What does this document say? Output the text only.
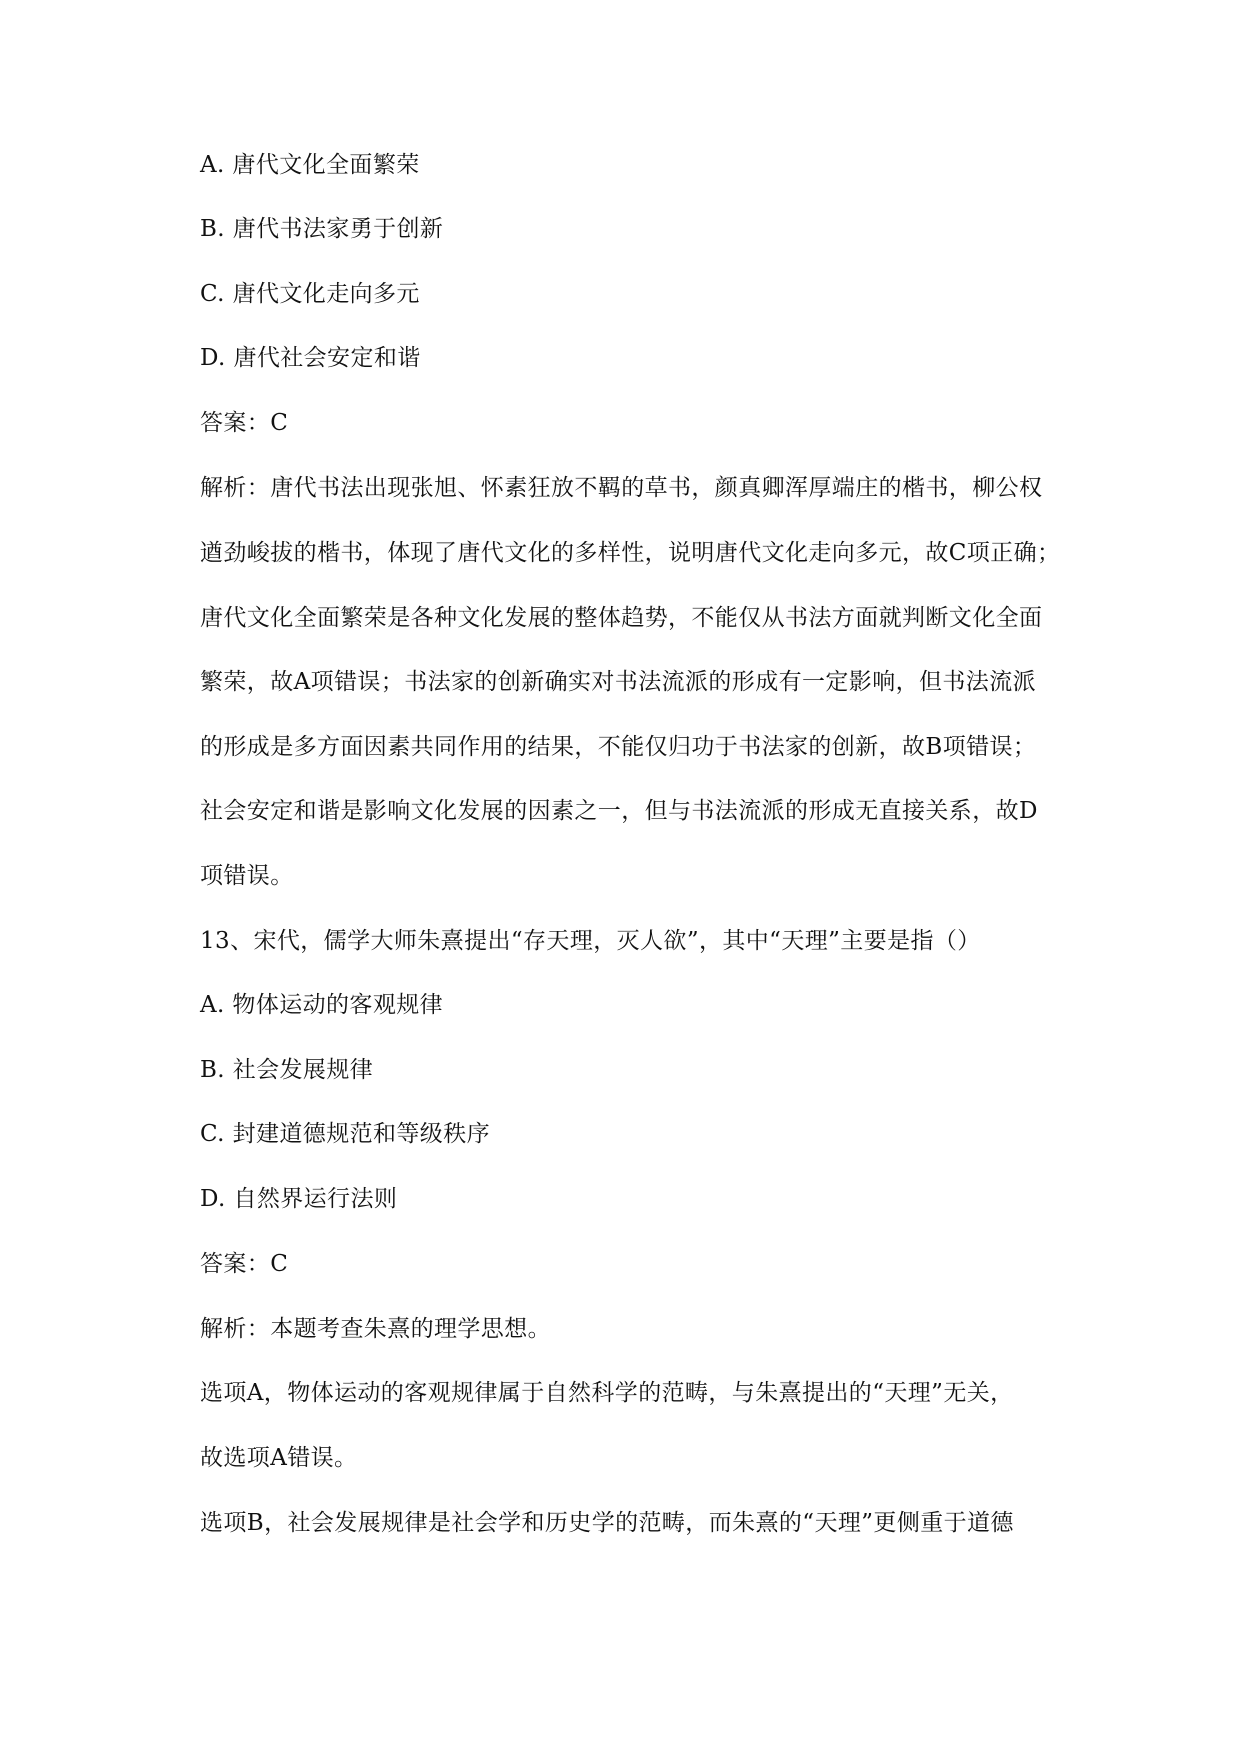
A. 唐代文化全面繁荣
B. 唐代书法家勇于创新
C. 唐代文化走向多元
D. 唐代社会安定和谐
答案：C
解析：唐代书法出现张旭、怀素狂放不羁的草书，颜真卿浑厚端庄的楷书，柳公权
遒劲峻拔的楷书，体现了唐代文化的多样性，说明唐代文化走向多元，故C项正确；
唐代文化全面繁荣是各种文化发展的整体趋势，不能仅从书法方面就判断文化全面
繁荣，故A项错误；书法家的创新确实对书法流派的形成有一定影响，但书法流派
的形成是多方面因素共同作用的结果，不能仅归功于书法家的创新，故B项错误；
社会安定和谐是影响文化发展的因素之一，但与书法流派的形成无直接关系，故D
项错误。
13、宋代，儒学大师朱熹提出“存天理，灭人欲”，其中“天理”主要是指（）
A. 物体运动的客观规律
B. 社会发展规律
C. 封建道德规范和等级秩序
D. 自然界运行法则
答案：C
解析：本题考查朱熹的理学思想。
选项A，物体运动的客观规律属于自然科学的范畴，与朱熹提出的“天理”无关，
故选项A错误。
选项B，社会发展规律是社会学和历史学的范畴，而朱熹的“天理”更侧重于道德
